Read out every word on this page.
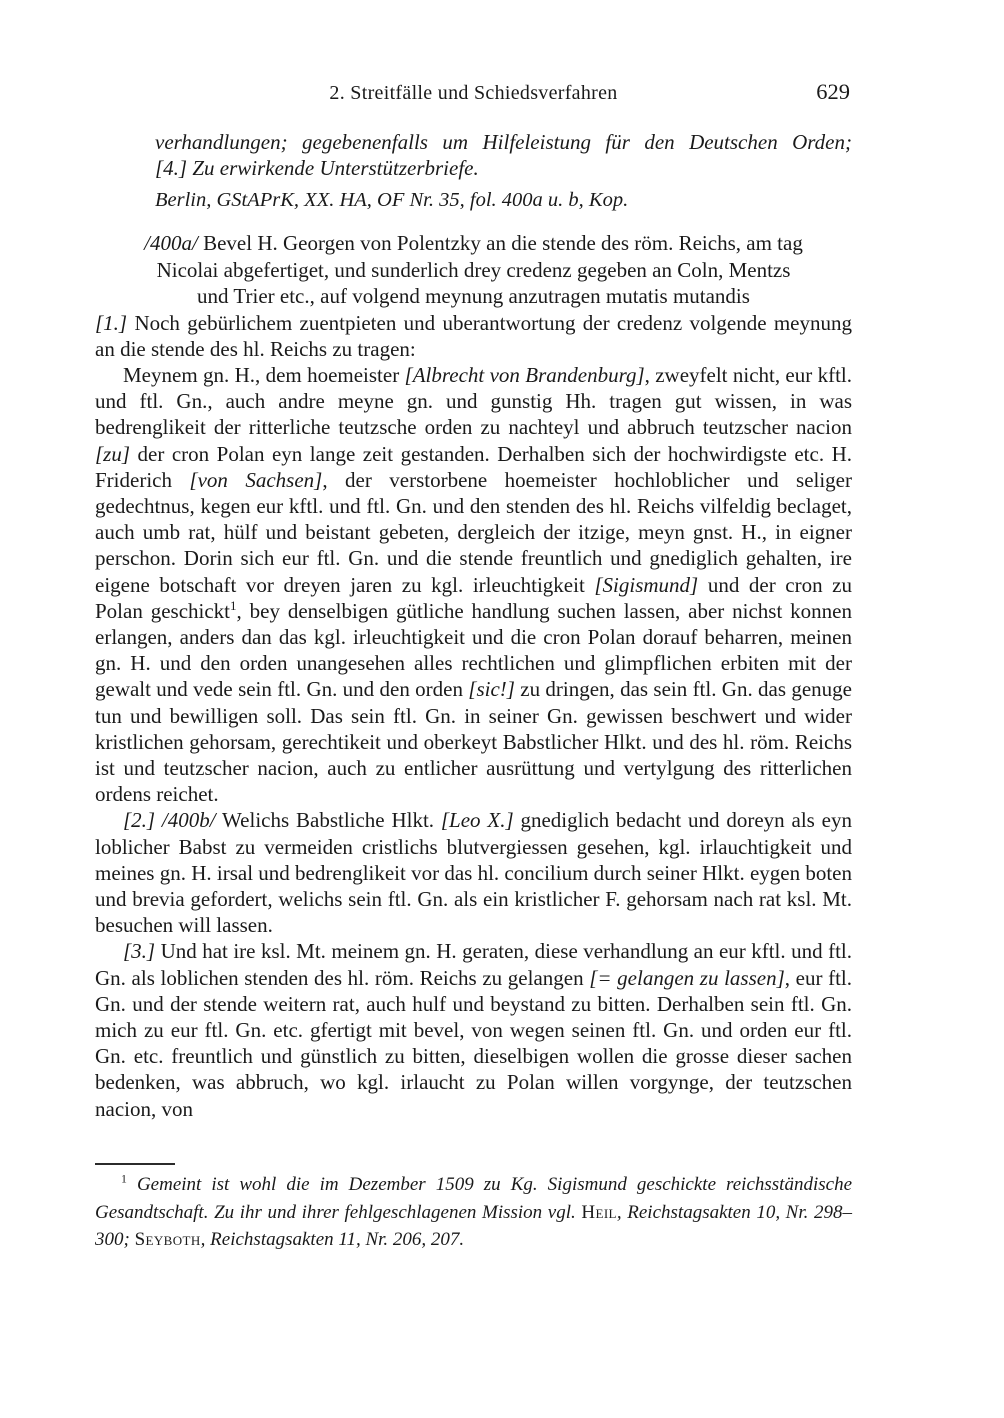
2. Streitfälle und Schiedsverfahren	629
verhandlungen; gegebenenfalls um Hilfeleistung für den Deutschen Orden;
[4.] Zu erwirkende Unterstützerbriefe.
Berlin, GStAPrK, XX. HA, OF Nr. 35, fol. 400a u. b, Kop.
/400a/ Bevel H. Georgen von Polentzky an die stende des röm. Reichs, am tag
Nicolai abgefertiget, und sunderlich drey credenz gegeben an Coln, Mentzs
und Trier etc., auf volgend meynung anzutragen mutatis mutandis

[1.] Noch gebürlichem zuentpieten und uberantwortung der credenz volgende meynung an die stende des hl. Reichs zu tragen:

Meynem gn. H., dem hoemeister [Albrecht von Brandenburg], zweyfelt nicht, eur kftl. und ftl. Gn., auch andre meyne gn. und gunstig Hh. tragen gut wissen, in was bedrenglikeit der ritterliche teutzsche orden zu nachteyl und abbruch teutzscher nacion [zu] der cron Polan eyn lange zeit gestanden. Derhalben sich der hochwirdigste etc. H. Friderich [von Sachsen], der verstorbene hoemeister hochloblicher und seliger gedechtnus, kegen eur kftl. und ftl. Gn. und den stenden des hl. Reichs vilfeldig beclaget, auch umb rat, hülf und beistant gebeten, dergleich der itzige, meyn gnst. H., in eigner perschon. Dorin sich eur ftl. Gn. und die stende freuntlich und gnediglich gehalten, ire eigene botschaft vor dreyen jaren zu kgl. irleuchtigkeit [Sigismund] und der cron zu Polan geschickt$^1$, bey denselbigen gütliche handlung suchen lassen, aber nichst konnen erlangen, anders dan das kgl. irleuchtigkeit und die cron Polan dorauf beharren, meinen gn. H. und den orden unangesehen alles rechtlichen und glimpflichen erbiten mit der gewalt und vede sein ftl. Gn. und den orden [sic!] zu dringen, das sein ftl. Gn. das genuge tun und bewilligen soll. Das sein ftl. Gn. in seiner Gn. gewissen beschwert und wider kristlichen gehorsam, gerechtikeit und oberkeyt Babstlicher Hlkt. und des hl. röm. Reichs ist und teutzscher nacion, auch zu entlicher ausrüttung und vertylgung des ritterlichen ordens reichet.

[2.] /400b/ Welichs Babstliche Hlkt. [Leo X.] gnediglich bedacht und doreyn als eyn loblicher Babst zu vermeiden cristlichs blutvergiessen gesehen, kgl. irlauchtigkeit und meines gn. H. irsal und bedrenglikeit vor das hl. concilium durch seiner Hlkt. eygen boten und brevia gefordert, welichs sein ftl. Gn. als ein kristlicher F. gehorsam nach rat ksl. Mt. besuchen will lassen.

[3.] Und hat ire ksl. Mt. meinem gn. H. geraten, diese verhandlung an eur kftl. und ftl. Gn. als loblichen stenden des hl. röm. Reichs zu gelangen [= gelangen zu lassen], eur ftl. Gn. und der stende weitern rat, auch hulf und beystand zu bitten. Derhalben sein ftl. Gn. mich zu eur ftl. Gn. etc. gfertigt mit bevel, von wegen seinen ftl. Gn. und orden eur ftl. Gn. etc. freuntlich und günstlich zu bitten, dieselbigen wollen die grosse dieser sachen bedenken, was abbruch, wo kgl. irlaucht zu Polan willen vorgynge, der teutzschen nacion, von

$^1$ Gemeint ist wohl die im Dezember 1509 zu Kg. Sigismund geschickte reichsständische Gesandtschaft. Zu ihr und ihrer fehlgeschlagenen Mission vgl. Heil, Reichstagsakten 10, Nr. 298–300; Seyboth, Reichstagsakten 11, Nr. 206, 207.
